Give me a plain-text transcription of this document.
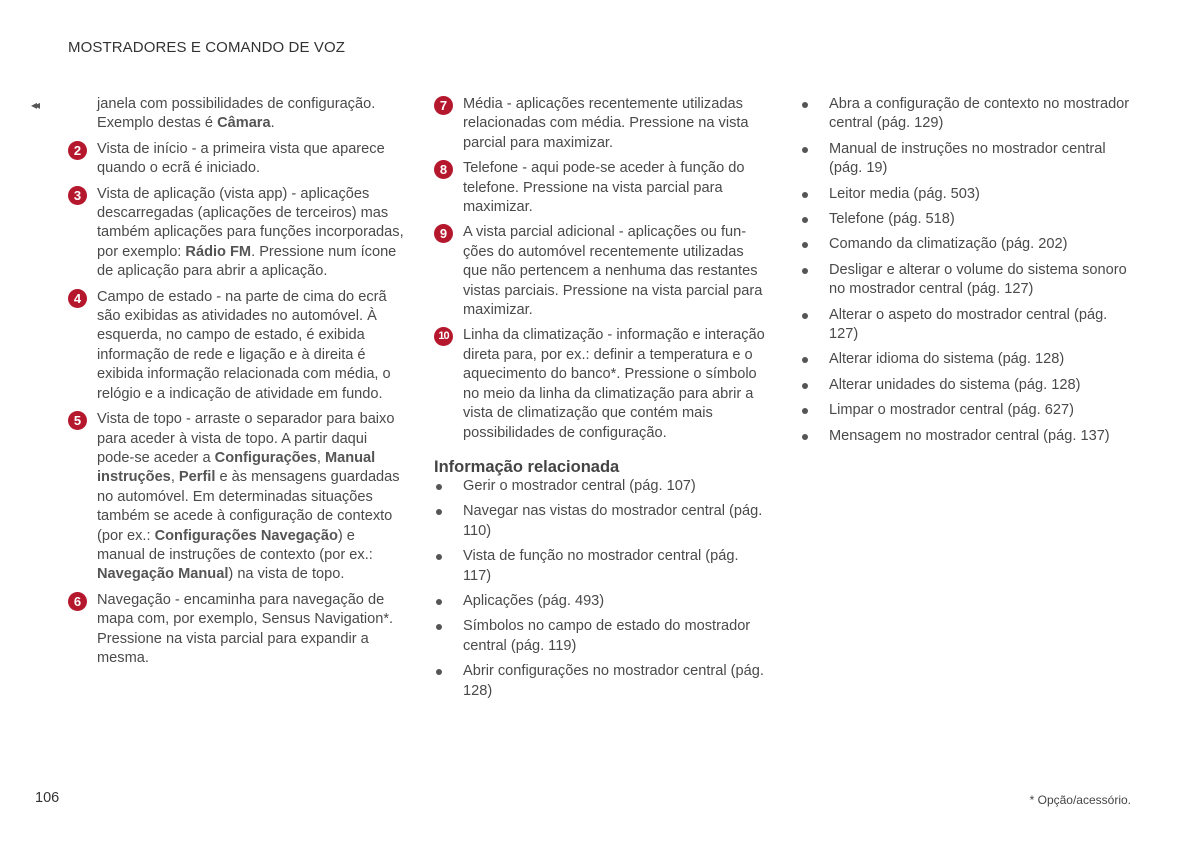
MOSTRADORES E COMANDO DE VOZ
◂◂	janela com possibilidades de configuração. Exemplo destas é Câmara.
2	Vista de início - a primeira vista que aparece quando o ecrã é iniciado.
3	Vista de aplicação (vista app) - aplicações descarregadas (aplicações de terceiros) mas também aplicações para funções incorporadas, por exemplo: Rádio FM. Pressione num ícone de aplicação para abrir a aplicação.
4	Campo de estado - na parte de cima do ecrã são exibidas as atividades no automóvel. À esquerda, no campo de estado, é exibida informação de rede e ligação e à direita é exibida informação relacionada com média, o relógio e a indicação de atividade em fundo.
5	Vista de topo - arraste o separador para baixo para aceder à vista de topo. A partir daqui pode-se aceder a Configurações, Manual instruções, Perfil e às mensagens guardadas no automóvel. Em determinadas situações também se acede à configuração de contexto (por ex.: Configurações Navegação) e manual de instruções de contexto (por ex.: Navegação Manual) na vista de topo.
6	Navegação - encaminha para navegação de mapa com, por exemplo, Sensus Navigation*. Pressione na vista parcial para expandir a mesma.
7	Média - aplicações recentemente utilizadas relacionadas com média. Pressione na vista parcial para maximizar.
8	Telefone - aqui pode-se aceder à função do telefone. Pressione na vista parcial para maximizar.
9	A vista parcial adicional - aplicações ou funções do automóvel recentemente utilizadas que não pertencem a nenhuma das restantes vistas parciais. Pressione na vista parcial para maximizar.
10 Linha da climatização - informação e interação direta para, por ex.: definir a temperatura e o aquecimento do banco*. Pressione o símbolo no meio da linha da climatização para abrir a vista de climatização que contém mais possibilidades de configuração.
Informação relacionada
Gerir o mostrador central (pág. 107)
Navegar nas vistas do mostrador central (pág. 110)
Vista de função no mostrador central (pág. 117)
Aplicações (pág. 493)
Símbolos no campo de estado do mostrador central (pág. 119)
Abrir configurações no mostrador central (pág. 128)
Abra a configuração de contexto no mostrador central (pág. 129)
Manual de instruções no mostrador central (pág. 19)
Leitor media (pág. 503)
Telefone (pág. 518)
Comando da climatização (pág. 202)
Desligar e alterar o volume do sistema sonoro no mostrador central (pág. 127)
Alterar o aspeto do mostrador central (pág. 127)
Alterar idioma do sistema (pág. 128)
Alterar unidades do sistema (pág. 128)
Limpar o mostrador central (pág. 627)
Mensagem no mostrador central (pág. 137)
106	* Opção/acessório.
